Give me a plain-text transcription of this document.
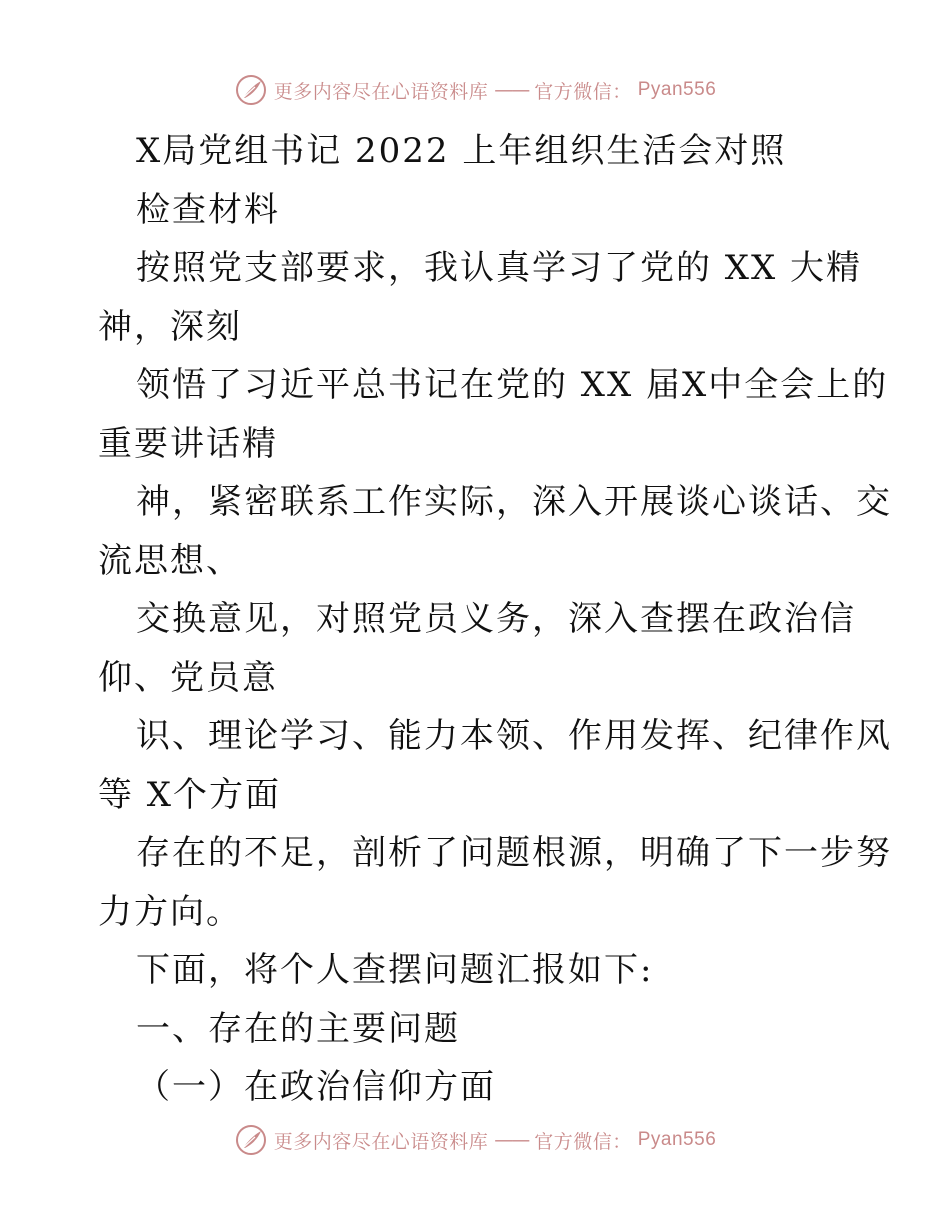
更多内容尽在心语资料库 —— 官方微信： Pyan556
X局党组书记 2022 上年组织生活会对照
检查材料
按照党支部要求，我认真学习了党的 XX 大精
神，深刻
领悟了习近平总书记在党的 XX 届X中全会上的
重要讲话精
神，紧密联系工作实际，深入开展谈心谈话、交
流思想、
交换意见，对照党员义务，深入查摆在政治信
仰、党员意
识、理论学习、能力本领、作用发挥、纪律作风
等 X个方面
存在的不足，剖析了问题根源，明确了下一步努
力方向。
下面，将个人查摆问题汇报如下:
一、存在的主要问题
（一）在政治信仰方面
更多内容尽在心语资料库 —— 官方微信： Pyan556
